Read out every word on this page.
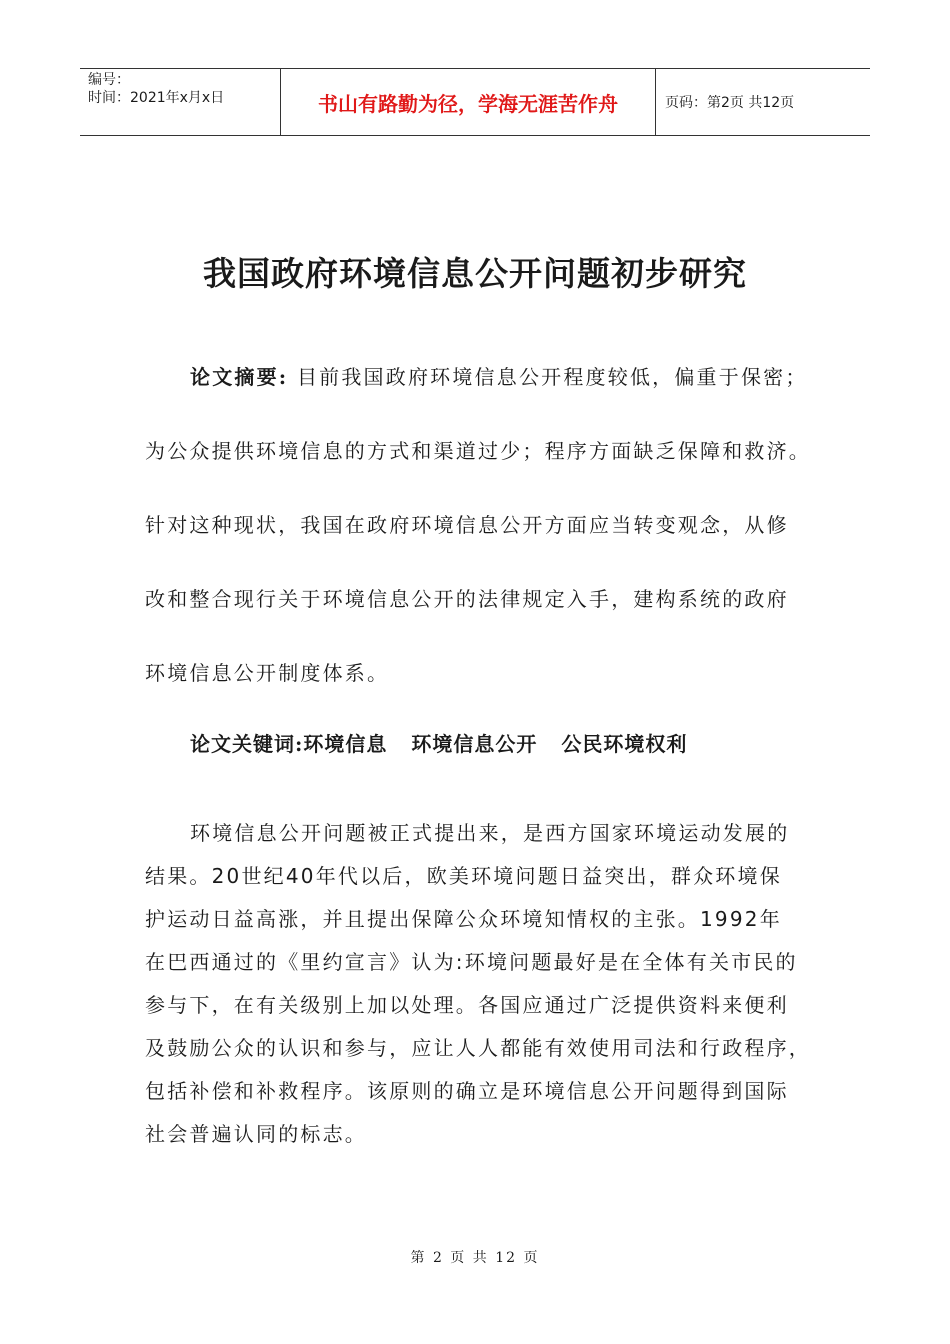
编号：
时间：2021年x月x日	书山有路勤为径，学海无涯苦作舟	页码：第2页 共12页
我国政府环境信息公开问题初步研究
论文摘要: 目前我国政府环境信息公开程度较低，偏重于保密；
为公众提供环境信息的方式和渠道过少；程序方面缺乏保障和救济。
针对这种现状，我国在政府环境信息公开方面应当转变观念，从修
改和整合现行关于环境信息公开的法律规定入手，建构系统的政府
环境信息公开制度体系。
论文关键词:环境信息 环境信息公开 公民环境权利
环境信息公开问题被正式提出来，是西方国家环境运动发展的
结果。20世纪40年代以后，欧美环境问题日益突出，群众环境保
护运动日益高涨，并且提出保障公众环境知情权的主张。1992年
在巴西通过的《里约宣言》认为:环境问题最好是在全体有关市民的
参与下，在有关级别上加以处理。各国应通过广泛提供资料来便利
及鼓励公众的认识和参与，应让人人都能有效使用司法和行政程序，
包括补偿和补救程序。该原则的确立是环境信息公开问题得到国际
社会普遍认同的标志。
第 2 页 共 12 页
